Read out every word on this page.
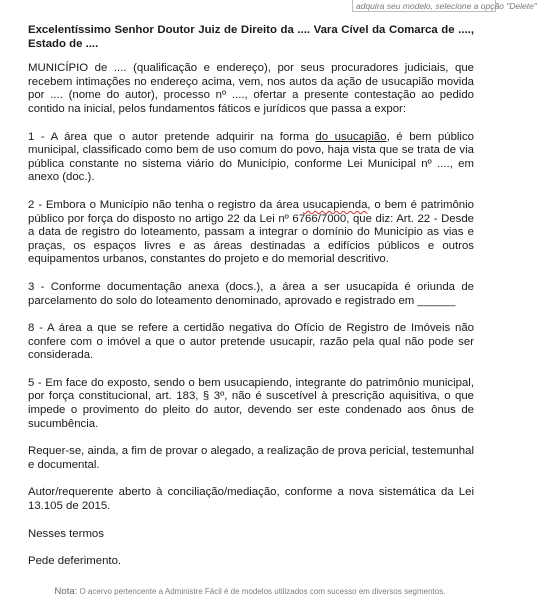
adquira seu modelo, selecione a opção "Delete"

Excelentíssimo Senhor Doutor Juiz de Direito da .... Vara Cível da Comarca de ...., Estado de ....

MUNICÍPIO de .... (qualificação e endereço), por seus procuradores judiciais, que recebem intimações no endereço acima, vem, nos autos da ação de usucapião movida por .... (nome do autor), processo nº ...., ofertar a presente contestação ao pedido contido na inicial, pelos fundamentos fáticos e jurídicos que passa a expor:

1 - A área que o autor pretende adquirir na forma do usucapião, é bem público municipal, classificado como bem de uso comum do povo, haja vista que se trata de via pública constante no sistema viário do Município, conforme Lei Municipal nº ...., em anexo (doc.).

2 - Embora o Município não tenha o registro da área usucapienda, o bem é patrimônio público por força do disposto no artigo 22 da Lei nº 6766/7000, que diz: Art. 22 - Desde a data de registro do loteamento, passam a integrar o domínio do Município as vias e praças, os espaços livres e as áreas destinadas a edifícios públicos e outros equipamentos urbanos, constantes do projeto e do memorial descritivo.

3 - Conforme documentação anexa (docs.), a área a ser usucapida é oriunda de parcelamento do solo do loteamento denominado, aprovado e registrado em ______

8 - A área a que se refere a certidão negativa do Ofício de Registro de Imóveis não confere com o imóvel a que o autor pretende usucapir, razão pela qual não pode ser considerada.

5 - Em face do exposto, sendo o bem usucapiendo, integrante do patrimônio municipal, por força constitucional, art. 183, § 3º, não é suscetível à prescrição aquisitiva, o que impede o provimento do pleito do autor, devendo ser este condenado aos ônus de sucumbência.

Requer-se, ainda, a fim de provar o alegado, a realização de prova pericial, testemunhal e documental.

Autor/requerente aberto à conciliação/mediação, conforme a nova sistemática da Lei 13.105 de 2015.

Nesses termos

Pede deferimento.

Nota: O acervo pertencente a Administre Fácil é de modelos utilizados com sucesso em diversos segmentos.
